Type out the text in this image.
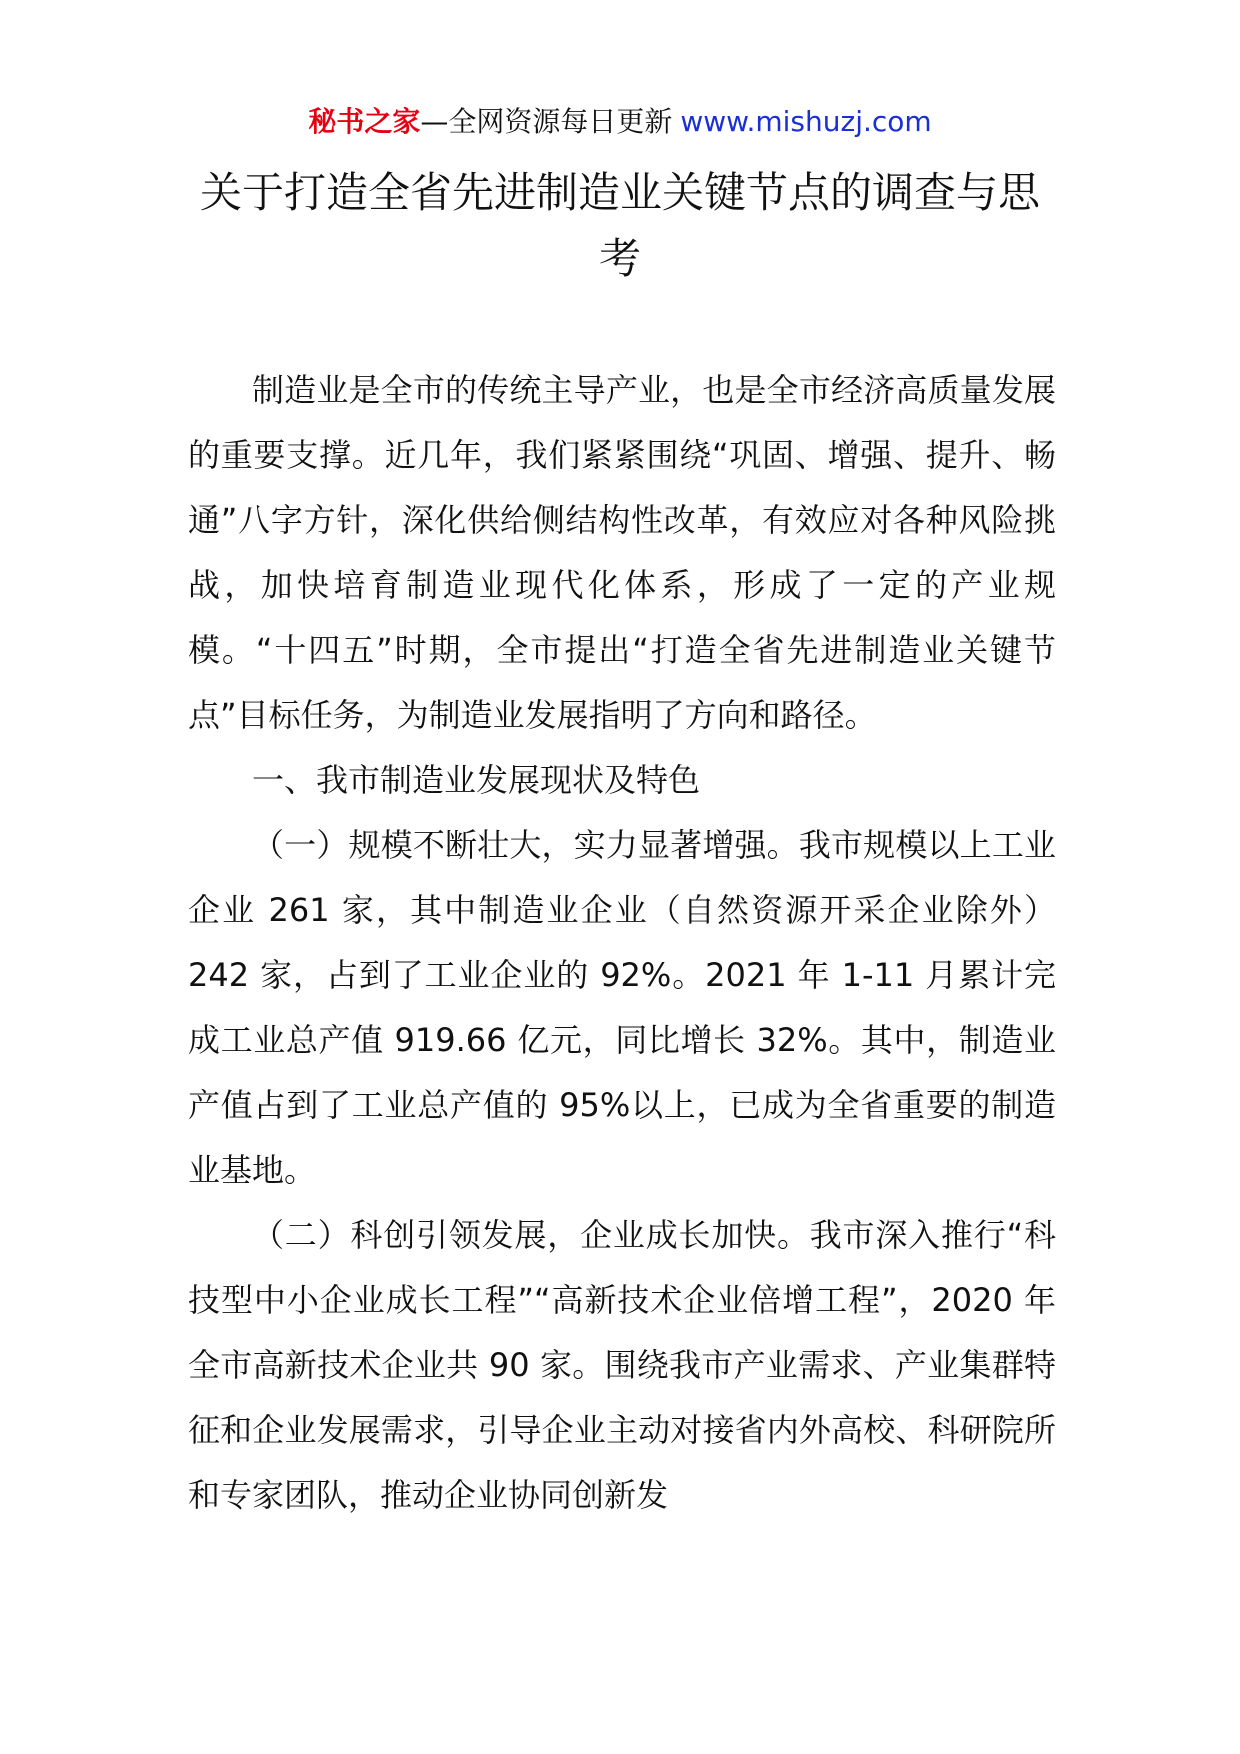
秘书之家—全网资源每日更新 www.mishuzj.com
关于打造全省先进制造业关键节点的调查与思考

制造业是全市的传统主导产业，也是全市经济高质量发展的重要支撑。近几年，我们紧紧围绕“巩固、增强、提升、畅通”八字方针，深化供给侧结构性改革，有效应对各种风险挑战，加快培育制造业现代化体系，形成了一定的产业规模。“十四五”时期，全市提出“打造全省先进制造业关键节点”目标任务，为制造业发展指明了方向和路径。

一、我市制造业发展现状及特色

（一）规模不断壮大，实力显著增强。我市规模以上工业企业 261 家，其中制造业企业（自然资源开采企业除外）242 家，占到了工业企业的 92%。2021 年 1-11 月累计完成工业总产值 919.66 亿元，同比增长 32%。其中，制造业产值占到了工业总产值的 95%以上，已成为全省重要的制造业基地。

（二）科创引领发展，企业成长加快。我市深入推行“科技型中小企业成长工程”“高新技术企业倍增工程”，2020 年全市高新技术企业共 90 家。围绕我市产业需求、产业集群特征和企业发展需求，引导企业主动对接省内外高校、科研院所和专家团队，推动企业协同创新发
